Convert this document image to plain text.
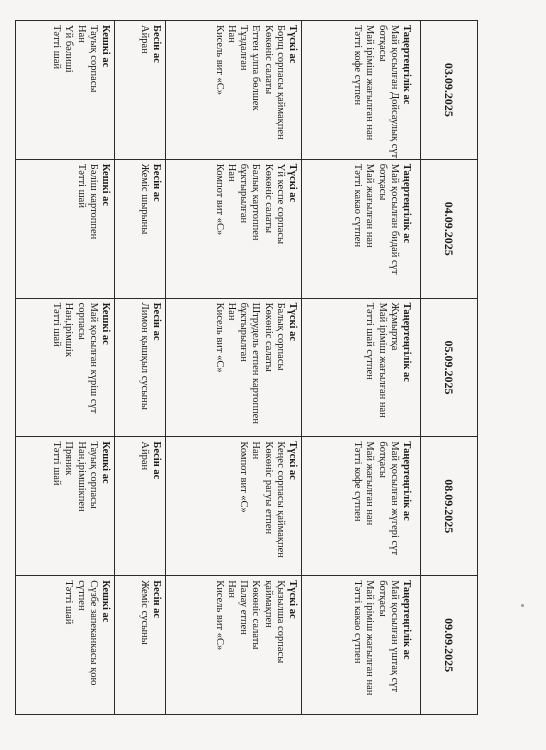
03.09.2025
04.09.2025
05.09.2025
08.09.2025
09.09.2025
Таңертеңгілік ас
Май қосылған Дойсаулық сүт
ботқасы
Май іріміш жағылған нан
Тәтті кофе сүтпен
Таңертеңгілік ас
Май қосылған бидай сүт
ботқасы
Май жағылған нан
Тәтті какао сүтпен
Таңертеңгілік ас
Жұмыртқа
Май іріміш жағылған нан
Тәтті шай сүтпен
Таңертеңгілік ас
Май қосылған жүгері сүт
ботқасы
Май жағылған нан
Тәтті кофе сүтпен
Таңертеңгілік ас
Май қосылған үштақ сүт
ботқасы
Май іріміш жағылған нан
Тәтті какао сүтпен
Түскі ас
Борщ сорпасы қаймақпен
Көкөніс салаты
Еттен ұлпа бөлшек
Тұздалған
Нан
Кисель вит «С»
Түскі ас
Үй кеспе сорпасы
Көкөніс салаты
Балық картоппен
бұктырылған
Нан
Компот вит «С»
Түскі ас
Балық сорпасы
Көкөніс салаты
Штрудель етпен картоппен
бұктырылған
Нан
Кисель вит «С»
Түскі ас
Кеңес сорпасы қаймақпен
Көкөніс рагуы етпен
Нан
Компот вит «С»
Түскі ас
Қызылша сорпасы
қаймақпен
Көкөніс салаты
Палау етпен
Нан
Кисель вит «С»
Бесін ас
Айран
Бесін ас
Жеміс шырыны
Бесін ас
Лимон қышқыл сусыны
Бесін ас
Айран
Бесін ас
Жеміс сусыны
Кешкі ас
Тауық сорпасы
Нан
Үй бәлиші
Тәтті шай
Кешкі ас
Бәліш картоппен
Тәтті шай
Кешкі ас
Май қосылған күріш сүт
сорпасы
Нан,ірімшік
Тәтті шай
Кешкі ас
Тауық сорпасы
Нан,ірімшікпен
Пряник
Тәтті шай
Кешкі ас
Сүзбе запеканкасы қою
сүтпен
Тәтті шай
